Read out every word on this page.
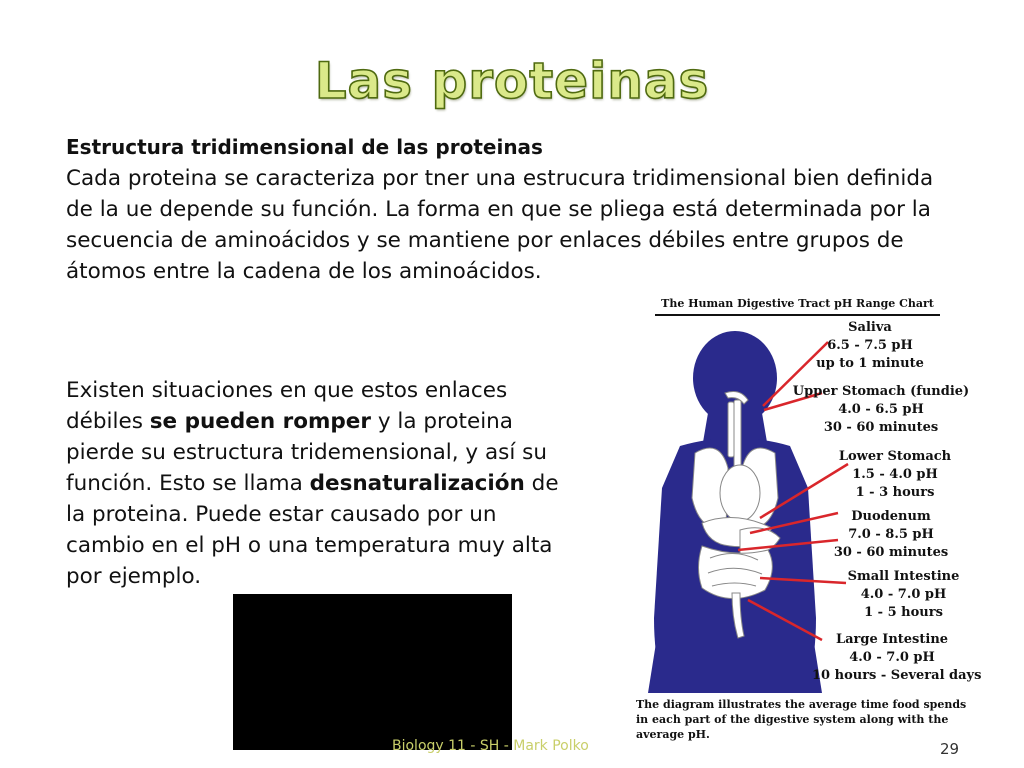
Las proteinas
Estructura tridimensional de las proteinas
Cada proteina se caracteriza por tner una estrucura tridimensional bien definida de la ue depende su función. La forma en que se pliega está determinada por la secuencia de aminoácidos y se mantiene por enlaces débiles entre grupos de átomos entre la cadena de los aminoácidos.
Existen situaciones en que estos enlaces débiles se pueden romper y la proteina pierde su estructura tridemensional, y así su función. Esto se llama desnaturalización de la proteina. Puede estar causado por un cambio en el pH o una temperatura muy alta por ejemplo.
The Human Digestive Tract pH Range Chart
Saliva
6.5 - 7.5 pH
up to 1 minute
Upper Stomach (fundie)
4.0 - 6.5 pH
30 - 60 minutes
Lower Stomach
1.5 - 4.0 pH
1 - 3 hours
Duodenum
7.0 - 8.5 pH
30 - 60 minutes
Small Intestine
4.0 - 7.0 pH
1 - 5 hours
Large Intestine
4.0 - 7.0 pH
10 hours - Several days
The diagram illustrates the average time food spends in each part of the digestive system along with the average pH.
Biology 11 - SH - Mark Polko	29
